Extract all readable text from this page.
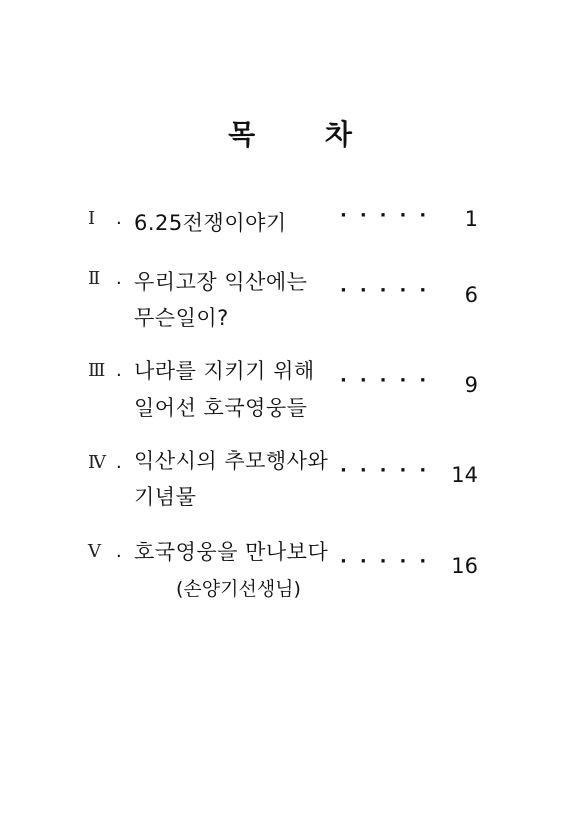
목 차
Ⅰ . 6.25전쟁이야기	····· 1
Ⅱ . 우리고장 익산에는
무슨일이?
····· 6
Ⅲ . 나라를 지키기 위해
일어선 호국영웅들
····· 9
Ⅳ . 익산시의 추모행사와
기념물
····· 14
Ⅴ . 호국영웅을 만나보다
(손양기선생님)
····· 16
